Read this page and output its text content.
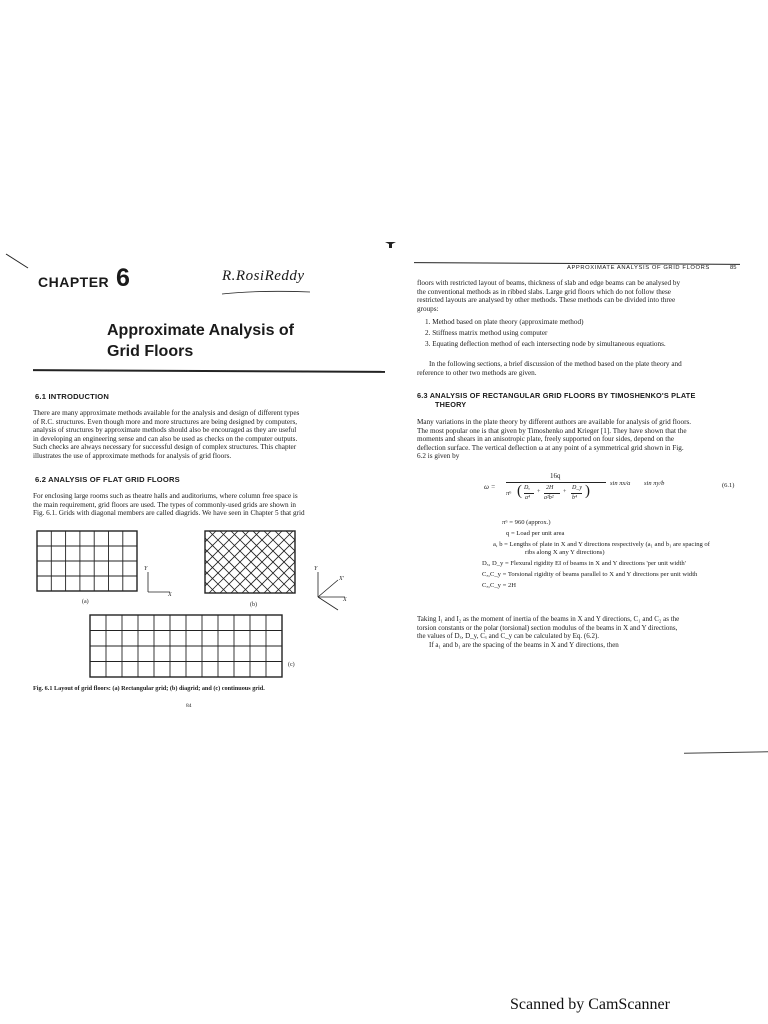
CHAPTER 6	R.RosiReddy
Approximate Analysis of
Grid Floors
6.1 INTRODUCTION
There are many approximate methods available for the analysis and design of different types
of R.C. structures. Even though more and more structures are being designed by computers,
analysis of structures by approximate methods should also be encouraged as they are useful
in developing an engineering sense and can also be used as checks on the computer outputs.
Such checks are always necessary for successful design of complex structures. This chapter
illustrates the use of approximate methods for analysis of grid floors.
6.2 ANALYSIS OF FLAT GRID FLOORS
For enclosing large rooms such as theatre halls and auditoriums, where column free space is
the main requirement, grid floors are used. The types of commonly-used grids are shown in
Fig. 6.1. Grids with diagonal members are called diagrids. We have seen in Chapter 5 that grid
X
Y
(a)	X
Y
X'
(b)
(c)
Fig. 6.1 Layout of grid floors: (a) Rectangular grid; (b) diagrid; and (c) continuous grid.
84
APPROXIMATE ANALYSIS OF GRID FLOORS	85
floors with restricted layout of beams, thickness of slab and edge beams can be analysed by
the conventional methods as in ribbed slabs. Large grid floors which do not follow these
restricted layouts are analysed by other methods. These methods can be divided into three
groups:
1. Method based on plate theory (approximate method)
2. Stiffness matrix method using computer
3. Equating deflection method of each intersecting node by simultaneous equations.
In the following sections, a brief discussion of the method based on the plate theory and
reference to other two methods are given.
6.3 ANALYSIS OF RECTANGULAR GRID FLOORS BY TIMOSHENKO'S PLATE
THEORY
Many variations in the plate theory by different authors are available for analysis of grid floors.
The most popular one is that given by Timoshenko and Krieger [1]. They have shown that the
moments and shears in an anisotropic plate, freely supported on four sides, depend on the
deflection surface. The vertical deflection ω at any point of a symmetrical grid shown in Fig.
6.2 is given by
ω =
16q
π⁶ ( Dₓ
a⁴
+
2H
a²b²
+
D_y
b⁴ )	sin πx/a sin πy/b	(6.1)
π⁶ = 960 (approx.)
q = Load per unit area
a, b = Lengths of plate in X and Y directions respectively (a₁ and b₁ are spacing of
ribs along X any Y directions)
Dₓ, D_y = Flexural rigidity EI of beams in X and Y directions 'per unit width'
Cₓ,C_y = Torsional rigidity of beams parallel to X and Y directions per unit width
Cₓ,C_y = 2H
Taking I₁ and I₂ as the moment of inertia of the beams in X and Y directions, C₁ and C₂ as the
torsion constants or the polar (torsional) section modulus of the beams in X and Y directions,
the values of Dₓ, D_y, Cₓ and C_y can be calculated by Eq. (6.2).
If a₁ and b₁ are the spacing of the beams in X and Y directions, then
Scanned by CamScanner
